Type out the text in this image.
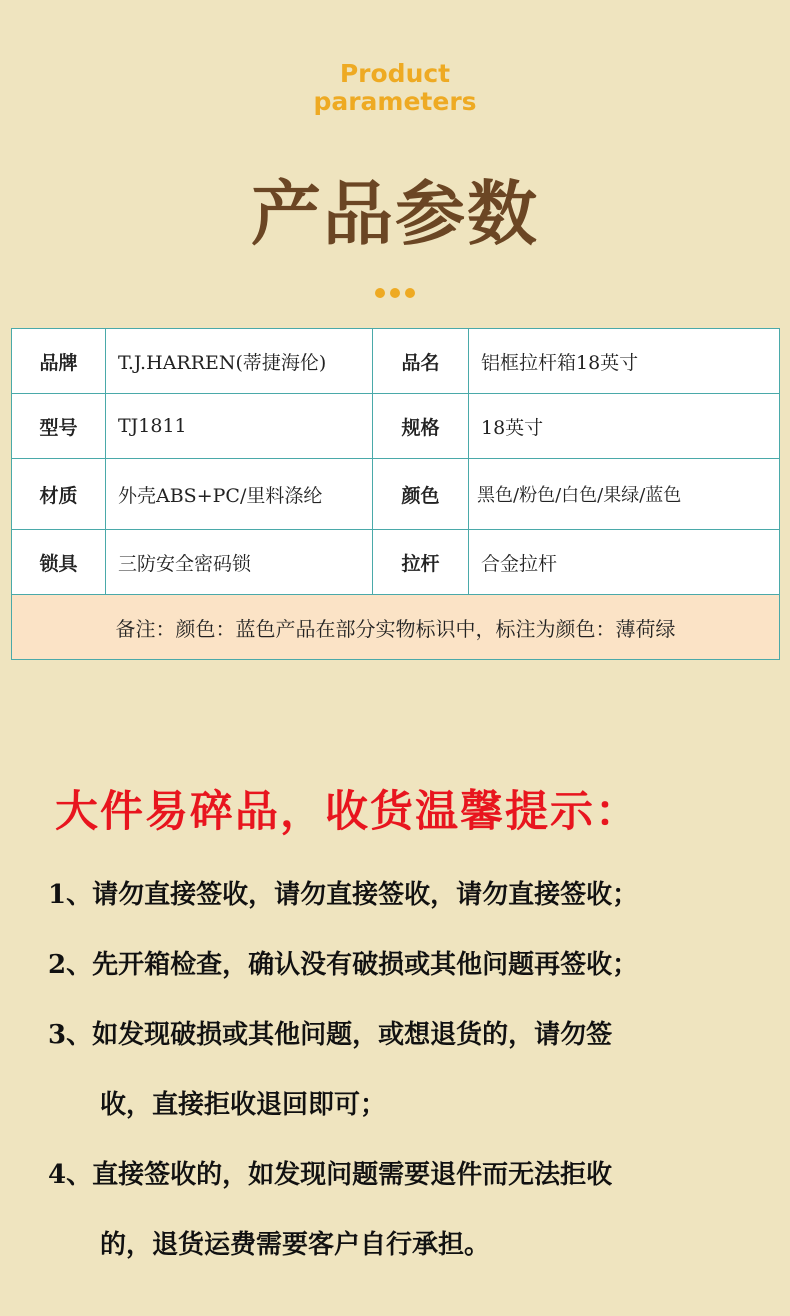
Product
parameters
产品参数
品牌	T.J.HARREN(蒂捷海伦)	品名	铝框拉杆箱18英寸
型号	TJ1811	规格	18英寸
材质	外壳ABS+PC/里料涤纶	颜色	黑色/粉色/白色/果绿/蓝色
锁具	三防安全密码锁	拉杆	合金拉杆
备注：颜色：蓝色产品在部分实物标识中，标注为颜色：薄荷绿			
大件易碎品，收货温馨提示：
1、请勿直接签收，请勿直接签收，请勿直接签收；
2、先开箱检查，确认没有破损或其他问题再签收；
3、如发现破损或其他问题，或想退货的，请勿签
收，直接拒收退回即可；
4、直接签收的，如发现问题需要退件而无法拒收
的，退货运费需要客户自行承担。
